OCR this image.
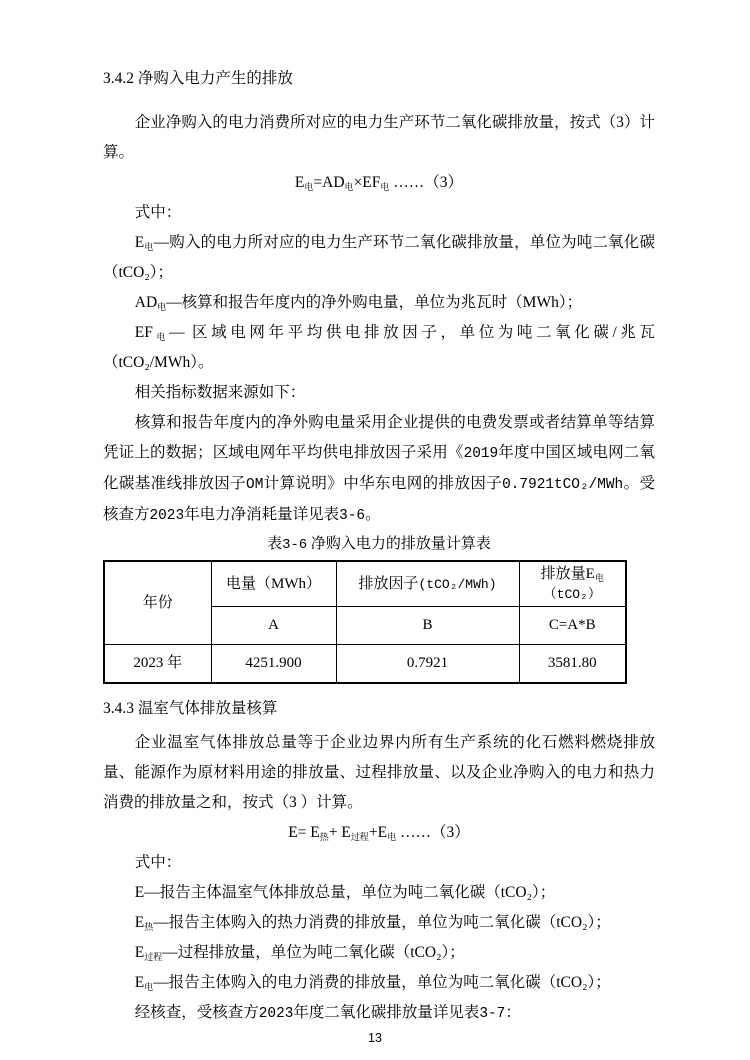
3.4.2 净购入电力产生的排放

企业净购入的电力消费所对应的电力生产环节二氧化碳排放量，按式（3）计算。

$E_电=AD_电\times EF_电$ ……（3）

式中：

$E_电—$购入的电力所对应的电力生产环节二氧化碳排放量，单位为吨二氧化碳（tCO₂）；

$AD_电—$核算和报告年度内的净外购电量，单位为兆瓦时（MWh）；

$EF_电—$ 区域电网年平均供电排放因子，单位为吨二氧化碳/兆瓦（tCO₂/MWh）。

相关指标数据来源如下：

核算和报告年度内的净外购电量采用企业提供的电费发票或者结算单等结算凭证上的数据；区域电网年平均供电排放因子采用《2019年度中国区域电网二氧化碳基准线排放因子OM计算说明》中华东电网的排放因子0.7921tCO₂/MWh。受核查方2023年电力净消耗量详见表3-6。

表3-6 净购入电力的排放量计算表
年份	电量（MWh）	排放因子(tCO₂/MWh)	排放量$E_电$
（tCO₂）

	A	B	C=A*B
2023 年	4251.900	0.7921	3581.80

3.4.3 温室气体排放量核算

企业温室气体排放总量等于企业边界内所有生产系统的化石燃料燃烧排放量、能源作为原材料用途的排放量、过程排放量、以及企业净购入的电力和热力消费的排放量之和，按式（3 ）计算。

$E= E_热+ E_{过程}+E_电$ ……（3）

式中：

E—报告主体温室气体排放总量，单位为吨二氧化碳（tCO₂）；

$E_热—$报告主体购入的热力消费的排放量，单位为吨二氧化碳（tCO₂）；

$E_{过程}—$过程排放量，单位为吨二氧化碳（tCO₂）；

$E_电—$报告主体购入的电力消费的排放量，单位为吨二氧化碳（tCO₂）；

经核查，受核查方2023年度二氧化碳排放量详见表3-7：

13
